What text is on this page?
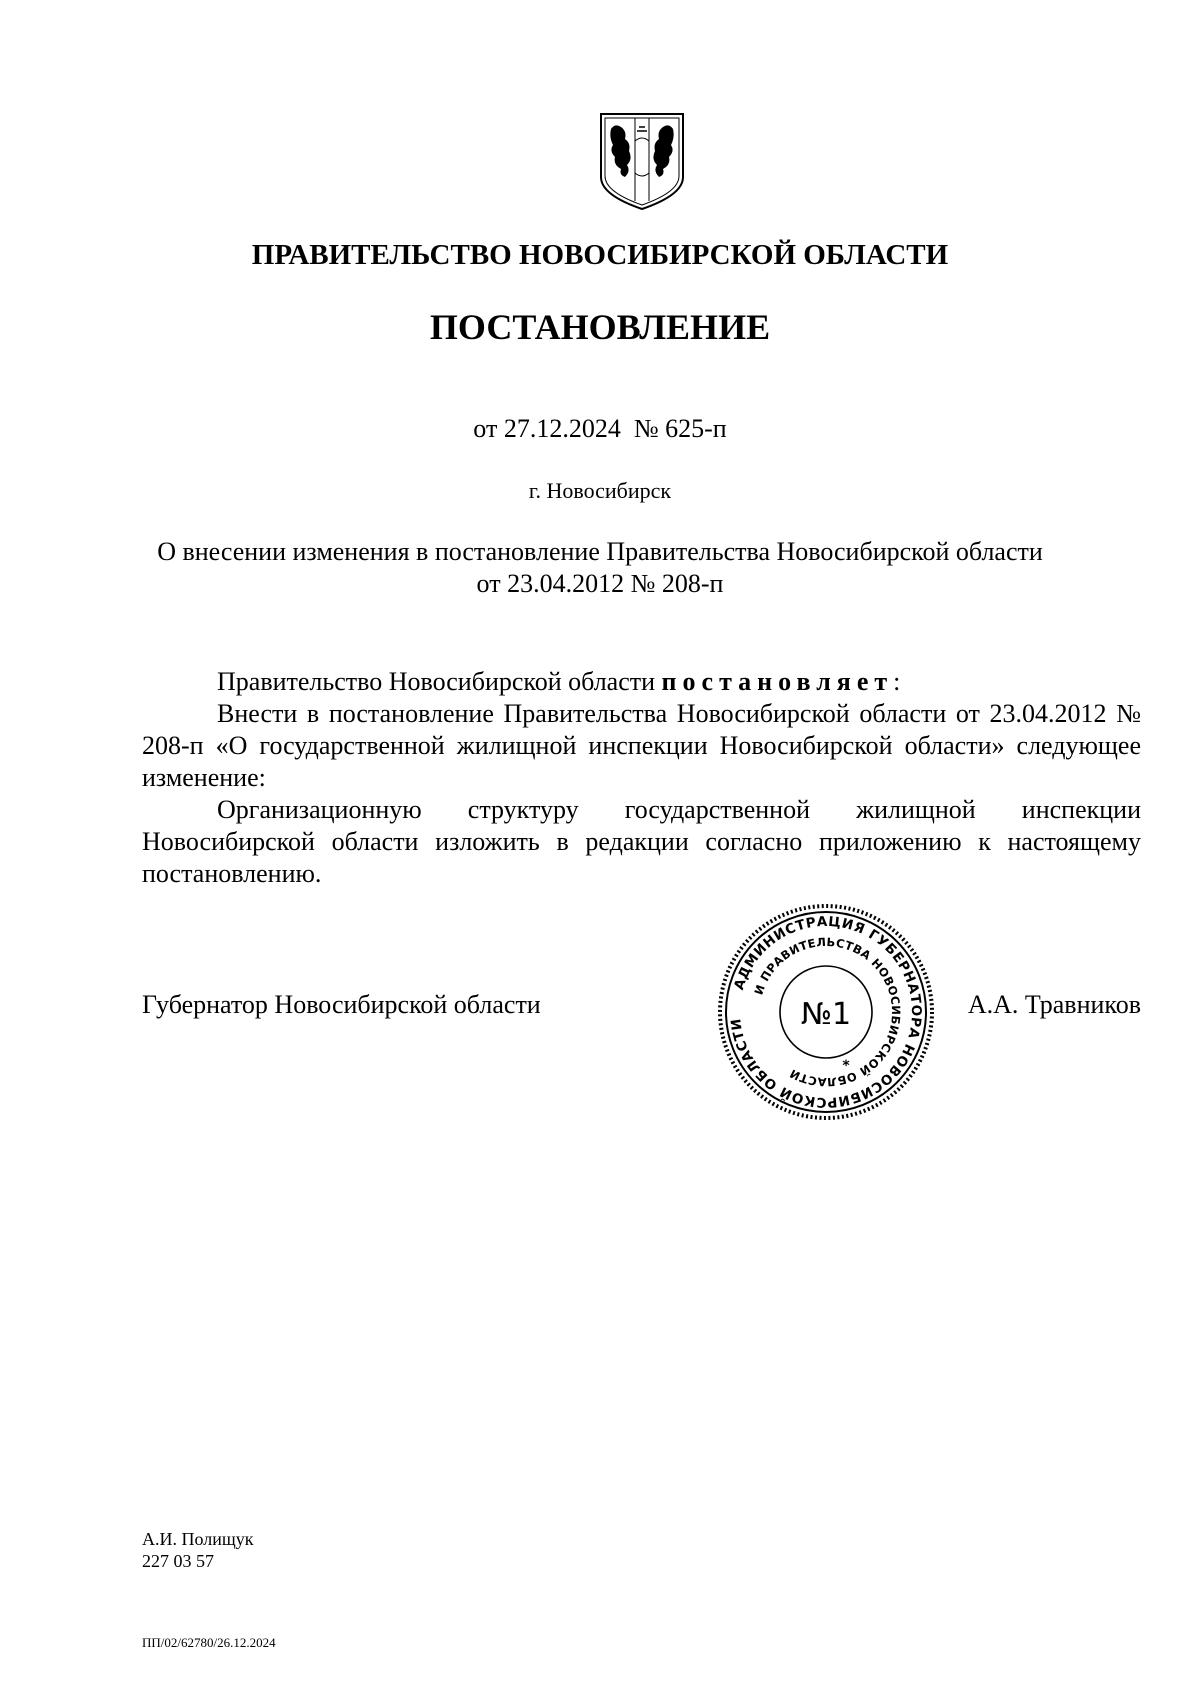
ПРАВИТЕЛЬСТВО НОВОСИБИРСКОЙ ОБЛАСТИ
ПОСТАНОВЛЕНИЕ
от 27.12.2024  № 625-п
г. Новосибирск
О внесении изменения в постановление Правительства Новосибирской области
от 23.04.2012 № 208-п

Правительство Новосибирской области постановляет:

Внести в постановление Правительства Новосибирской области от 23.04.2012 № 208-п «О государственной жилищной инспекции Новосибирской области» следующее изменение:

Организационную структуру государственной жилищной инспекции Новосибирской области изложить в редакции согласно приложению к настоящему постановлению.

Губернатор Новосибирской области
АДМИНИСТРАЦИЯ ГУБЕРНАТОРА НОВОСИБИРСКОЙ ОБЛАСТИ
И ПРАВИТЕЛЬСТВА НОВОСИБИРСКОЙ ОБЛАСТИ
№1
*
А.А. Травников
А.И. Полищук
227 03 57
ПП/02/62780/26.12.2024
